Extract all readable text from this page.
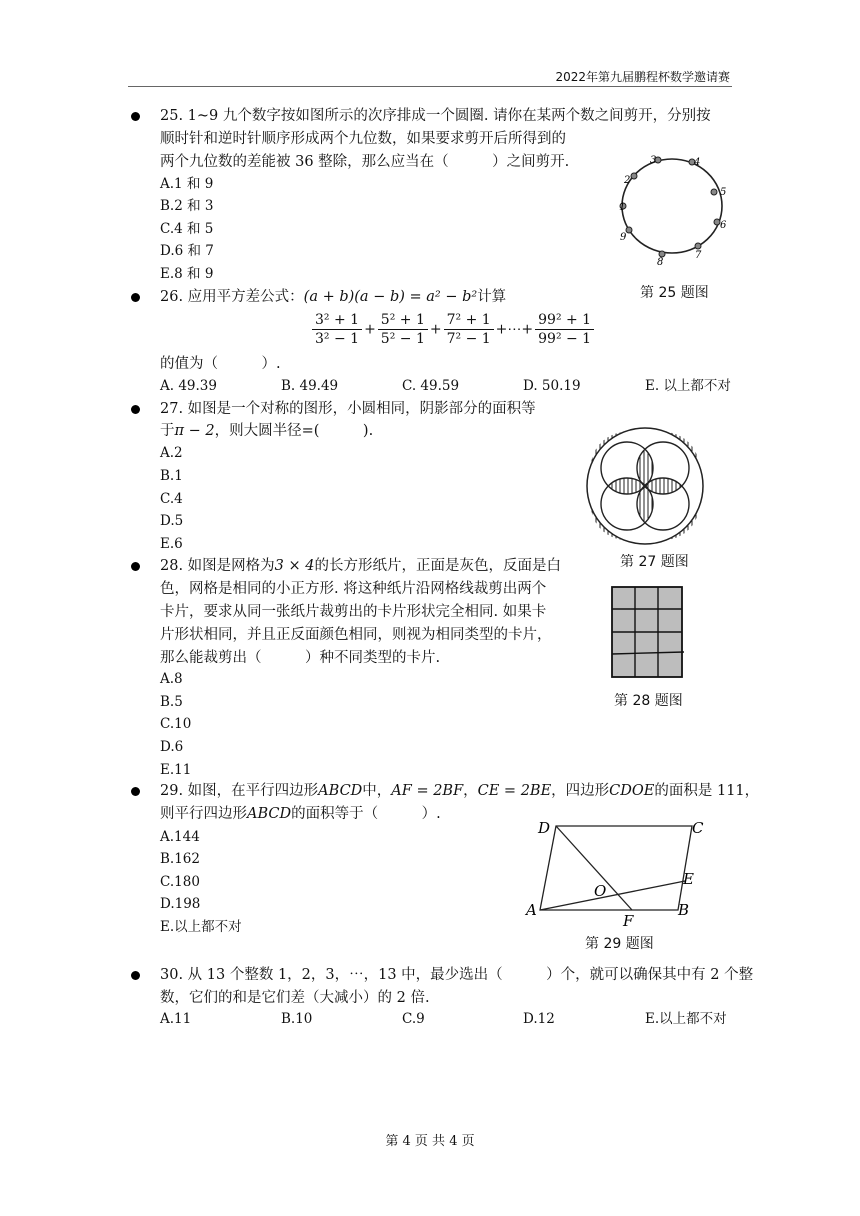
2022年第九届鹏程杯数学邀请赛
25. 1~9 九个数字按如图所示的次序排成一个圆圈. 请你在某两个数之间剪开，分别按
顺时针和逆时针顺序形成两个九位数，如果要求剪开后所得到的
两个九位数的差能被 36 整除，那么应当在（　　　）之间剪开.
A.1 和 9
B.2 和 3
C.4 和 5
D.6 和 7
E.8 和 9
3	4
2
5
1
6
9
7
8
第 25 题图
26. 应用平方差公式：(a + b)(a − b) = a² − b²计算
$\frac{\text{3² + 1}}{\text{3² − 1}} + \frac{\text{5² + 1}}{\text{5² − 1}} + \frac{\text{7² + 1}}{\text{7² − 1}}$ +⋯+ $\frac{\text{99² + 1}}{\text{99² − 1}}$
的值为（　　　）.
A. 49.39	B. 49.49	C. 49.59	D. 50.19	E. 以上都不对
27. 如图是一个对称的图形，小圆相同，阴影部分的面积等
于π − 2，则大圆半径=(　　　).
A.2
B.1
C.4
D.5
E.6
第 27 题图
28. 如图是网格为3 × 4的长方形纸片，正面是灰色，反面是白
色，网格是相同的小正方形. 将这种纸片沿网格线裁剪出两个
卡片，要求从同一张纸片裁剪出的卡片形状完全相同. 如果卡
片形状相同，并且正反面颜色相同，则视为相同类型的卡片，
那么能裁剪出（　　　）种不同类型的卡片.
A.8
B.5
C.10
D.6
E.11
第 28 题图
29. 如图，在平行四边形ABCD中，AF = 2BF，CE = 2BE，四边形CDOE的面积是 111，
则平行四边形ABCD的面积等于（　　　）.
A.144
B.162
C.180
D.198
E.以上都不对
D	C
E
O
A
F
B
第 29 题图
30. 从 13 个整数 1，2，3，⋯，13 中，最少选出（　　　）个，就可以确保其中有 2 个整
数，它们的和是它们差（大减小）的 2 倍.
A.11	B.10	C.9	D.12	E.以上都不对
第 4 页 共 4 页
